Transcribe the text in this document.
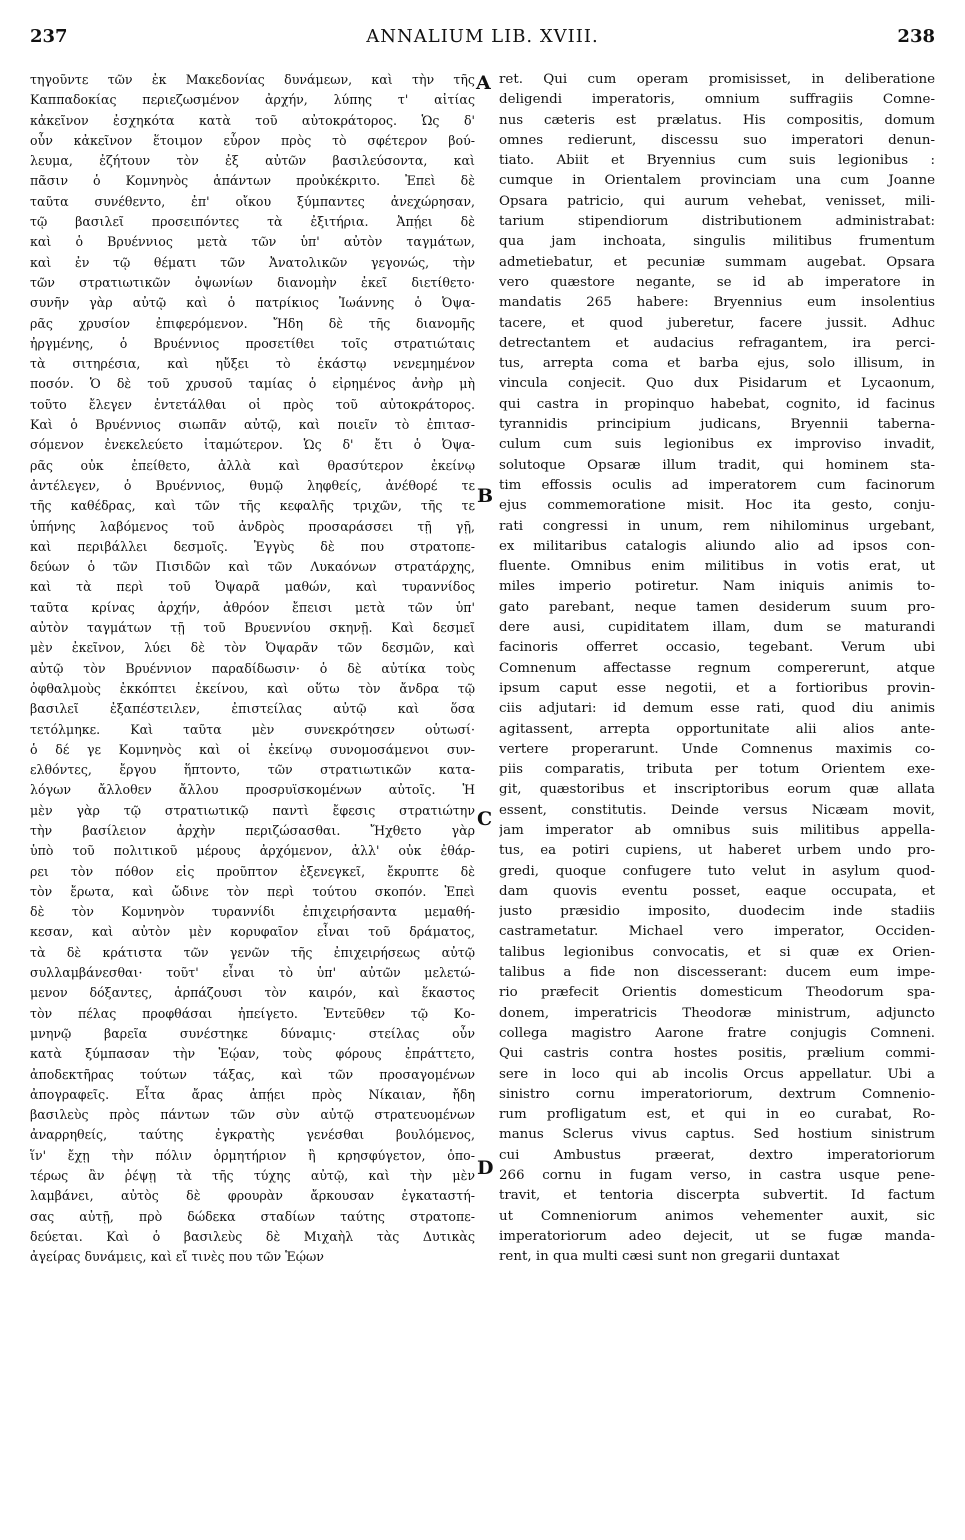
237	ANNALIUM LIB. XVIII.	238
τηγοῦντε τῶν ἐκ Μακεδονίας δυνάμεων, καὶ τὴν τῆς
Καππαδοκίας περιεζωσμένον ἀρχήν, λύπης τ' αἰτίας
κἀκεῖνον ἐσχηκότα κατὰ τοῦ αὐτοκράτορος. Ὡς δ'
οὖν κἀκεῖνον ἕτοιμον εὗρον πρὸς τὸ σφέτερον βού-
λευμα, ἐζήτουν τὸν ἐξ αὐτῶν βασιλεύσοντα, καὶ
πᾶσιν ὁ Κομνηνὸς ἁπάντων προὐκέκριτο. Ἐπεὶ δὲ
ταῦτα συνέθεντο, ἐπ' οἴκου ξύμπαντες ἀνεχώρησαν,
τῷ βασιλεῖ προσειπόντες τὰ ἐξιτήρια. Ἀπῄει δὲ
καὶ ὁ Βρυέννιος μετὰ τῶν ὑπ' αὐτὸν ταγμάτων,
καὶ ἐν τῷ θέματι τῶν Ἀνατολικῶν γεγονώς, τὴν
τῶν στρατιωτικῶν ὀψωνίων διανομὴν ἐκεῖ διετίθετο·
συνῆν γὰρ αὐτῷ καὶ ὁ πατρίκιος Ἰωάννης ὁ Ὀψα-
ρᾶς χρυσίον ἐπιφερόμενον. Ἤδη δὲ τῆς διανομῆς
ἠργμένης, ὁ Βρυέννιος προσετίθει τοῖς στρατιώταις
τὰ σιτηρέσια, καὶ ηὔξει τὸ ἑκάστῳ νενεμημένον
ποσόν. Ὁ δὲ τοῦ χρυσοῦ ταμίας ὁ εἰρημένος ἀνὴρ μὴ
τοῦτο ἔλεγεν ἐντετάλθαι οἱ πρὸς τοῦ αὐτοκράτορος.
Καὶ ὁ Βρυέννιος σιωπᾶν αὐτῷ, καὶ ποιεῖν τὸ ἐπιτασ-
σόμενον ἐνεκελεύετο ἰταμώτερον. Ὡς δ' ἔτι ὁ Ὀψα-
ρᾶς οὐκ ἐπείθετο, ἀλλὰ καὶ θρασύτερον ἐκείνῳ
ἀντέλεγεν, ὁ Βρυέννιος, θυμῷ ληφθείς, ἀνέθορέ τε
τῆς καθέδρας, καὶ τῶν τῆς κεφαλῆς τριχῶν, τῆς τε
ὑπήνης λαβόμενος τοῦ ἀνδρὸς προσαράσσει τῇ γῇ,
καὶ περιβάλλει δεσμοῖς. Ἐγγὺς δὲ που στρατοπε-
δεύων ὁ τῶν Πισιδῶν καὶ τῶν Λυκαόνων στρατάρχης,
καὶ τὰ περὶ τοῦ Ὀψαρᾶ μαθών, καὶ τυραννίδος
ταῦτα κρίνας ἀρχήν, ἀθρόον ἔπεισι μετὰ τῶν ὑπ'
αὐτὸν ταγμάτων τῇ τοῦ Βρυεννίου σκηνῇ. Καὶ δεσμεῖ
μὲν ἐκεῖνον, λύει δὲ τὸν Ὀψαρᾶν τῶν δεσμῶν, καὶ
αὐτῷ τὸν Βρυέννιον παραδίδωσιν· ὁ δὲ αὐτίκα τοὺς
ὀφθαλμοὺς ἐκκόπτει ἐκείνου, καὶ οὕτω τὸν ἄνδρα τῷ
βασιλεῖ ἐξαπέστειλεν, ἐπιστείλας αὐτῷ καὶ ὅσα
τετόλμηκε. Καὶ ταῦτα μὲν συνεκρότησεν οὑτωσί·
ὁ δέ γε Κομνηνὸς καὶ οἱ ἐκείνῳ συνομοσάμενοι συν-
ελθόντες, ἔργου ἥπτοντο, τῶν στρατιωτικῶν κατα-
λόγων ἄλλοθεν ἄλλου προσρυϊσκομένων αὐτοῖς. Ἡ
μὲν γὰρ τῷ στρατιωτικῷ παντὶ ἔφεσις στρατιώτην
τὴν βασίλειον ἀρχὴν περιζώσασθαι. Ἤχθετο γὰρ
ὑπὸ τοῦ πολιτικοῦ μέρους ἀρχόμενον, ἀλλ' οὐκ ἐθάρ-
ρει τὸν πόθον εἰς προῦπτον ἐξενεγκεῖ, ἔκρυπτε δὲ
τὸν ἔρωτα, καὶ ὤδινε τὸν περὶ τούτου σκοπόν. Ἐπεὶ
δὲ τὸν Κομνηνὸν τυραννίδι ἐπιχειρήσαντα μεμαθή-
κεσαν, καὶ αὐτὸν μὲν κορυφαῖον εἶναι τοῦ δράματος,
τὰ δὲ κράτιστα τῶν γενῶν τῆς ἐπιχειρήσεως αὐτῷ
συλλαμβάνεσθαι· τοῦτ' εἶναι τὸ ὑπ' αὐτῶν μελετώ-
μενον δόξαντες, ἁρπάζουσι τὸν καιρόν, καὶ ἕκαστος
τὸν πέλας προφθάσαι ἠπείγετο. Ἐντεῦθεν τῷ Κο-
μνηνῷ βαρεῖα συνέστηκε δύναμις· στείλας οὖν
κατὰ ξύμπασαν τὴν Ἑῴαν, τοὺς φόρους ἐπράττετο,
ἀποδεκτῆρας τούτων τάξας, καὶ τῶν προσαγομένων
ἀπογραφεῖς. Εἶτα ἄρας ἀπῄει πρὸς Νίκαιαν, ἤδη
βασιλεὺς πρὸς πάντων τῶν σὺν αὐτῷ στρατευομένων
ἀναρρηθείς, ταύτης ἐγκρατὴς γενέσθαι βουλόμενος,
ἵν' ἔχῃ τὴν πόλιν ὁρμητήριον ἢ κρησφύγετον, ὁπο-
τέρως ἂν ῥέψῃ τὰ τῆς τύχης αὐτῷ, καὶ τὴν μὲν
λαμβάνει, αὐτὸς δὲ φρουρὰν ἄρκουσαν ἐγκαταστή-
σας αὐτῇ, πρὸ δώδεκα σταδίων ταύτης στρατοπε-
δεύεται. Καὶ ὁ βασιλεὺς δὲ Μιχαὴλ τὰς Δυτικὰς
ἀγείρας δυνάμεις, καὶ εἴ τινὲς που τῶν Ἑῴων
ret. Qui cum operam promisisset, in deliberatione
deligendi imperatoris, omnium suffragiis Comne-
nus cæteris est prælatus. His compositis, domum
omnes redierunt, discessu suo imperatori denun-
tiato. Abiit et Bryennius cum suis legionibus :
cumque in Orientalem provinciam una cum Joanne
Opsara patricio, qui aurum vehebat, venisset, mili-
tarium stipendiorum distributionem administrabat:
qua jam inchoata, singulis militibus frumentum
admetiebatur, et pecuniæ summam augebat. Opsara
vero quæstore negante, se id ab imperatore in
mandatis 265 habere: Bryennius eum insolentius
tacere, et quod juberetur, facere jussit. Adhuc
detrectantem et audacius refragantem, ira perci-
tus, arrepta coma et barba ejus, solo illisum, in
vincula conjecit. Quo dux Pisidarum et Lycaonum,
qui castra in propinquo habebat, cognito, id facinus
tyrannidis principium judicans, Bryennii taberna-
culum cum suis legionibus ex improviso invadit,
solutoque Opsaræ illum tradit, qui hominem sta-
tim effossis oculis ad imperatorem cum facinorum
ejus commemoratione misit. Hoc ita gesto, conju-
rati congressi in unum, rem nihilominus urgebant,
ex militaribus catalogis aliundo alio ad ipsos con-
fluente. Omnibus enim militibus in votis erat, ut
miles imperio potiretur. Nam iniquis animis to-
gato parebant, neque tamen desiderum suum pro-
dere ausi, cupiditatem illam, dum se maturandi
facinoris offerret occasio, tegebant. Verum ubi
Comnenum affectasse regnum compererunt, atque
ipsum caput esse negotii, et a fortioribus provin-
ciis adjutari: id demum esse rati, quod diu animis
agitassent, arrepta opportunitate alii alios ante-
vertere properarunt. Unde Comnenus maximis co-
piis comparatis, tributa per totum Orientem exe-
git, quæstoribus et inscriptoribus eorum quæ allata
essent, constitutis. Deinde versus Nicæam movit,
jam imperator ab omnibus suis militibus appella-
tus, ea potiri cupiens, ut haberet urbem undo pro-
gredi, quoque confugere tuto velut in asylum quod-
dam quovis eventu posset, eaque occupata, et
justo præsidio imposito, duodecim inde stadiis
castrametatur. Michael vero imperator, Occiden-
talibus legionibus convocatis, et si quæ ex Orien-
talibus a fide non discesserant: ducem eum impe-
rio præfecit Orientis domesticum Theodorum spa-
donem, imperatricis Theodoræ ministrum, adjuncto
collega magistro Aarone fratre conjugis Comneni.
Qui castris contra hostes positis, prælium commi-
sere in loco qui ab incolis Orcus appellatur. Ubi a
sinistro cornu imperatoriorum, dextrum Comnenio-
rum profligatum est, et qui in eo curabat, Ro-
manus Sclerus vivus captus. Sed hostium sinistrum
cui Ambustus præerat, dextro imperatoriorum
266 cornu in fugam verso, in castra usque pene-
travit, et tentoria discerpta subvertit. Id factum
ut Comneniorum animos vehementer auxit, sic
imperatoriorum adeo dejecit, ut se fugæ manda-
rent, in qua multi cæsi sunt non gregarii duntaxat
A
B
C
D
